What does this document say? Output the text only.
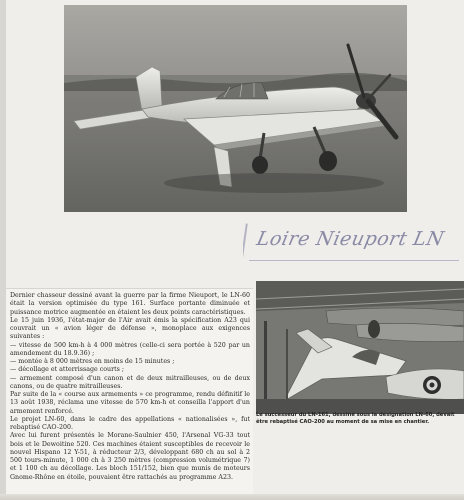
Loire Nieuport LN

Dernier chasseur dessiné avant la guerre par la firme Nieuport, le LN-60 était la version optimisée du type 161. Surface portante diminuée et puissance motrice augmentée en étaient les deux points caractéristiques.

Le 15 juin 1936, l'état-major de l'Air avait émis la spécification A23 qui couvrait un « avion léger de défense », monoplace aux exigences suivantes :

— vitesse de 500 km-h à 4 000 mètres (celle-ci sera portée à 520 par un amendement du 18.9.36) ;

— montée à 8 000 mètres en moins de 15 minutes ;

— décollage et atterrissage courts ;

— armement composé d'un canon et de deux mitrailleuses, ou de deux canons, ou de quatre mitrailleuses.

Par suite de la « course aux armements » ce programme, rendu définitif le 13 août 1938, réclama une vitesse de 570 km-h et conseilla l'apport d'un armement renforcé.

Le projet LN-60, dans le cadre des appellations « nationalisées », fut rebaptisé CAO-200.

Avec lui furent présentés le Morane-Saulnier 450, l'Arsenal VG-33 tout bois et le Dewoitine 520. Ces machines étaient susceptibles de recevoir le nouvel Hispano 12 Y-51, à réducteur 2/3, développant 680 ch au sol à 2 500 tours-minute, 1 000 ch à 3 250 mètres (compression volumétrique 7) et 1 100 ch au décollage. Les bloch 151/152, bien que munis de moteurs Gnome-Rhône en étoile, pouvaient être rattachés au programme A23.

Le successeur du LN-161, dessiné sous la désignation LN-60, devait être rebaptisé CAO-200 au moment de sa mise en chantier.
